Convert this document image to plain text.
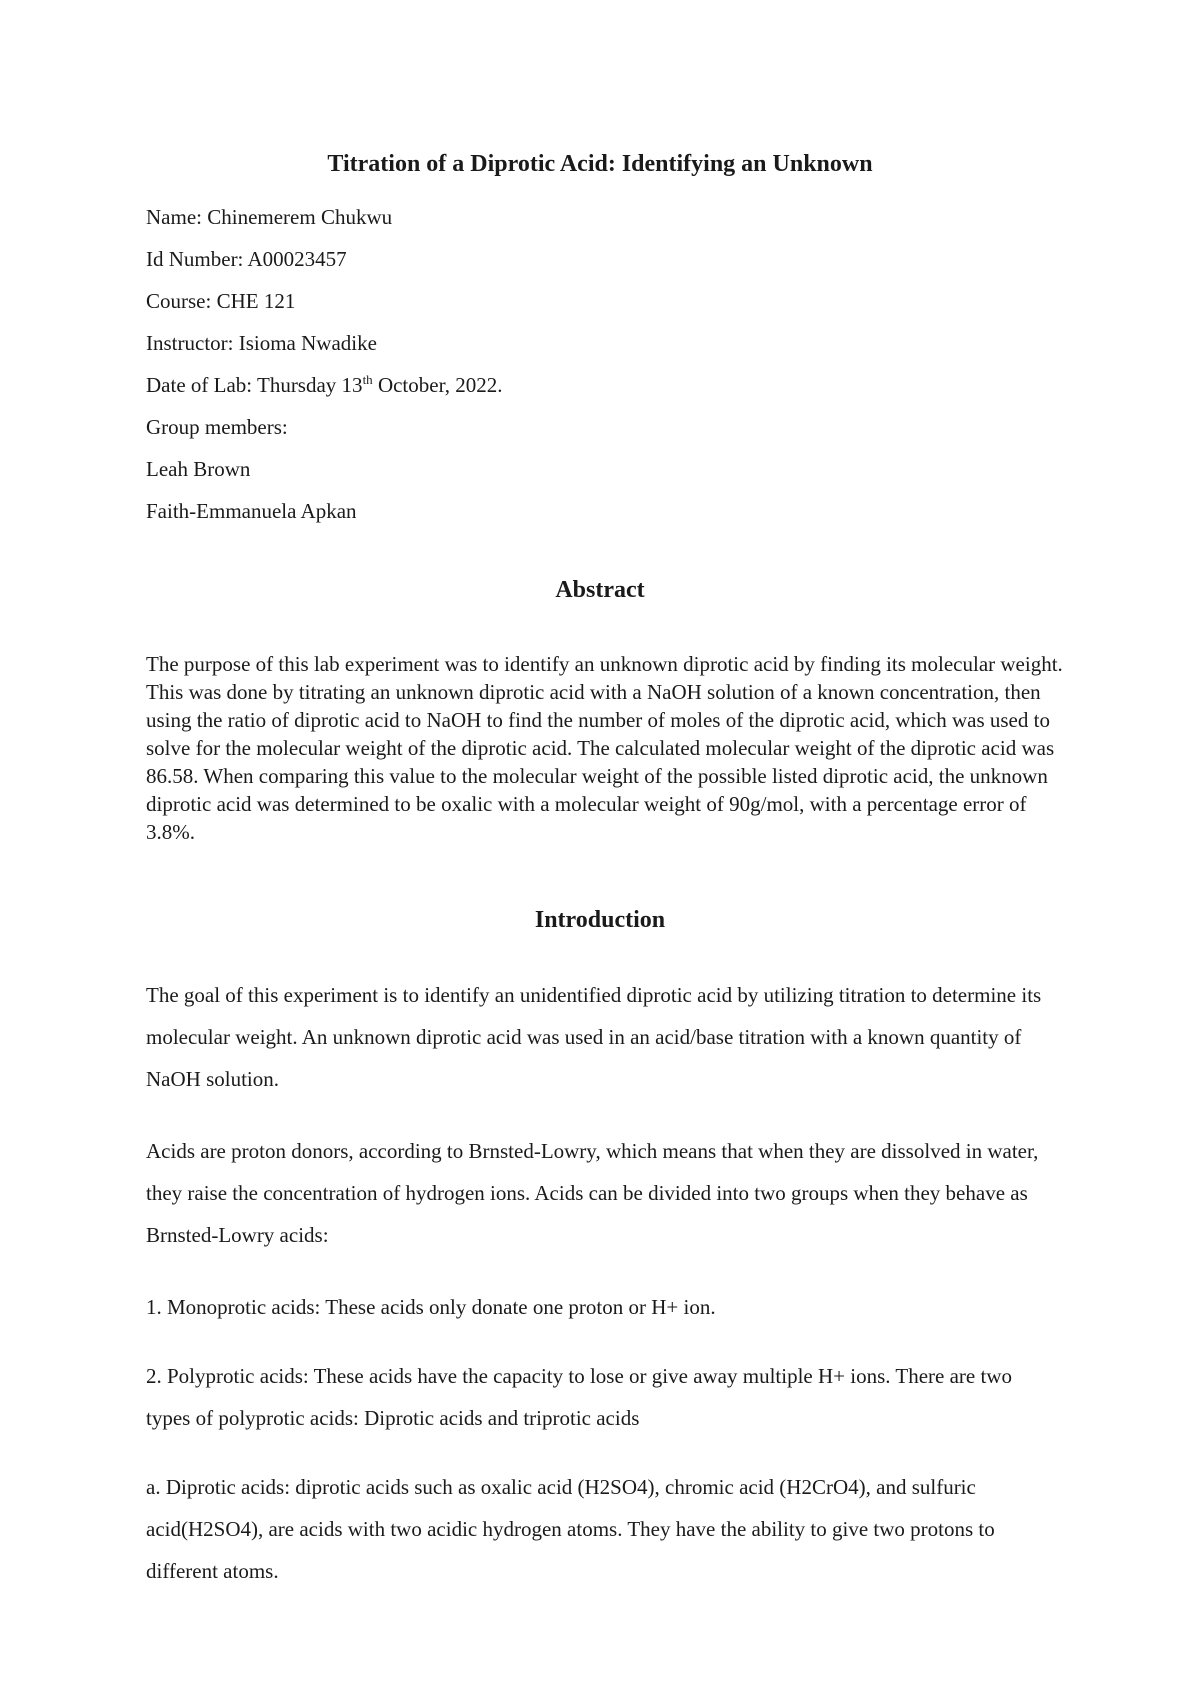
Titration of a Diprotic Acid: Identifying an Unknown
Name: Chinemerem Chukwu
Id Number: A00023457
Course: CHE 121
Instructor: Isioma Nwadike
Date of Lab: Thursday 13th October, 2022.
Group members:
Leah Brown
Faith-Emmanuela Apkan
Abstract

The purpose of this lab experiment was to identify an unknown diprotic acid by finding its molecular weight. This was done by titrating an unknown diprotic acid with a NaOH solution of a known concentration, then using the ratio of diprotic acid to NaOH to find the number of moles of the diprotic acid, which was used to solve for the molecular weight of the diprotic acid. The calculated molecular weight of the diprotic acid was 86.58. When comparing this value to the molecular weight of the possible listed diprotic acid, the unknown diprotic acid was determined to be oxalic with a molecular weight of 90g/mol, with a percentage error of 3.8%.

Introduction

The goal of this experiment is to identify an unidentified diprotic acid by utilizing titration to determine its molecular weight. An unknown diprotic acid was used in an acid/base titration with a known quantity of NaOH solution.

Acids are proton donors, according to Brnsted-Lowry, which means that when they are dissolved in water, they raise the concentration of hydrogen ions. Acids can be divided into two groups when they behave as Brnsted-Lowry acids:

1. Monoprotic acids: These acids only donate one proton or H+ ion.

2. Polyprotic acids: These acids have the capacity to lose or give away multiple H+ ions. There are two types of polyprotic acids: Diprotic acids and triprotic acids

a. Diprotic acids: diprotic acids such as oxalic acid (H2SO4), chromic acid (H2CrO4), and sulfuric acid(H2SO4), are acids with two acidic hydrogen atoms. They have the ability to give two protons to different atoms.
